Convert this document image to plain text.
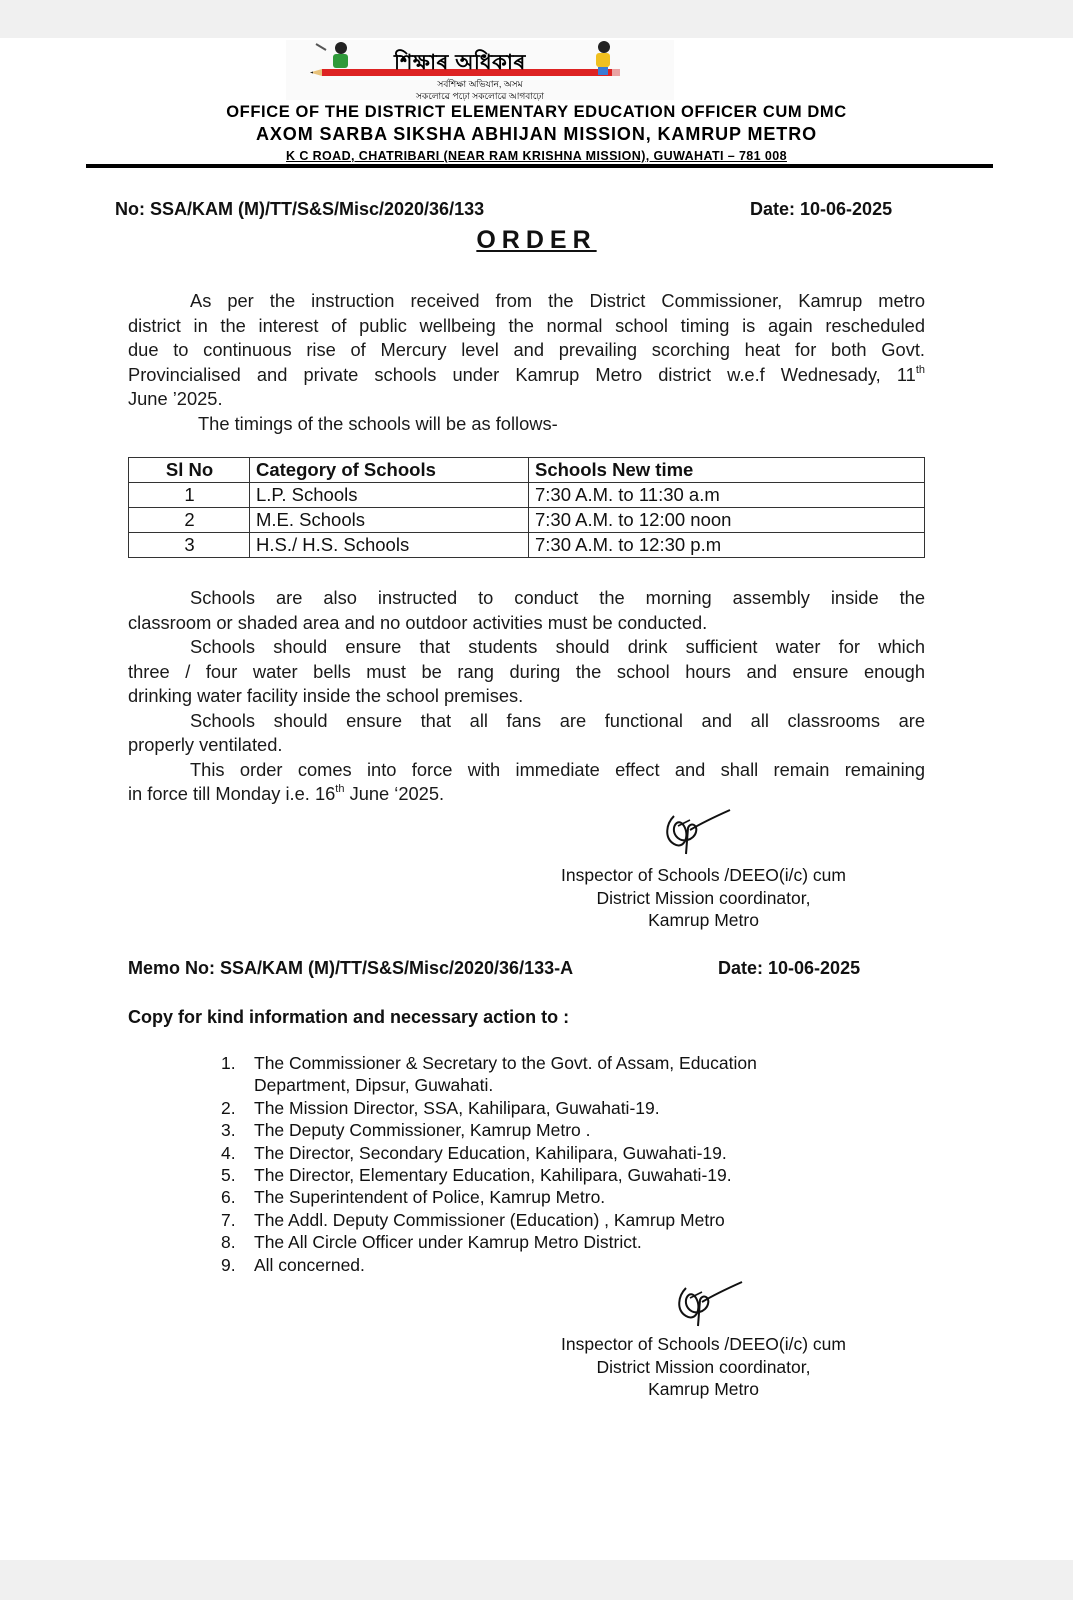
শিক্ষাৰ অধিকাৰ
সৰ্বশিক্ষা অভিযান, অসম
সকলোৱে পঢ়ো সকলোৱে আগবাঢ়ো
OFFICE OF THE DISTRICT ELEMENTARY EDUCATION OFFICER CUM DMC
AXOM SARBA SIKSHA ABHIJAN MISSION, KAMRUP METRO
K C ROAD, CHATRIBARI (NEAR RAM KRISHNA MISSION), GUWAHATI – 781 008
No: SSA/KAM (M)/TT/S&S/Misc/2020/36/133	Date: 10-06-2025
ORDER
As per the instruction received from the District Commissioner, Kamrup metro
district in the interest of public wellbeing the normal school timing is again rescheduled
due to continuous rise of Mercury level and prevailing scorching heat for both Govt.
Provincialised and private schools under Kamrup Metro district w.e.f Wednesady, 11th
June ’2025.
The timings of the schools will be as follows-
Sl No	Category of Schools	Schools New time
1	L.P. Schools	7:30 A.M. to 11:30 a.m
2	M.E. Schools	7:30 A.M. to 12:00 noon
3	H.S./ H.S. Schools	7:30 A.M. to 12:30 p.m
Schools are also instructed to conduct the morning assembly inside the
classroom or shaded area and no outdoor activities must be conducted.
Schools should ensure that students should drink sufficient water for which
three / four water bells must be rang during the school hours and ensure enough
drinking water facility inside the school premises.
Schools should ensure that all fans are functional and all classrooms are
properly ventilated.
This order comes into force with immediate effect and shall remain remaining
in force till Monday i.e. 16th June ‘2025.
Inspector of Schools /DEEO(i/c) cum
District Mission coordinator,
Kamrup Metro
Memo No: SSA/KAM (M)/TT/S&S/Misc/2020/36/133-A	Date: 10-06-2025
Copy for kind information and necessary action to :
1. The Commissioner & Secretary to the Govt. of Assam, Education
Department, Dipsur, Guwahati.
2. The Mission Director, SSA, Kahilipara, Guwahati-19.
3. The Deputy Commissioner, Kamrup Metro .
4. The Director, Secondary Education, Kahilipara, Guwahati-19.
5. The Director, Elementary Education, Kahilipara, Guwahati-19.
6. The Superintendent of Police, Kamrup Metro.
7. The Addl. Deputy Commissioner (Education) , Kamrup Metro
8. The All Circle Officer under Kamrup Metro District.
9. All concerned.
Inspector of Schools /DEEO(i/c) cum
District Mission coordinator,
Kamrup Metro
